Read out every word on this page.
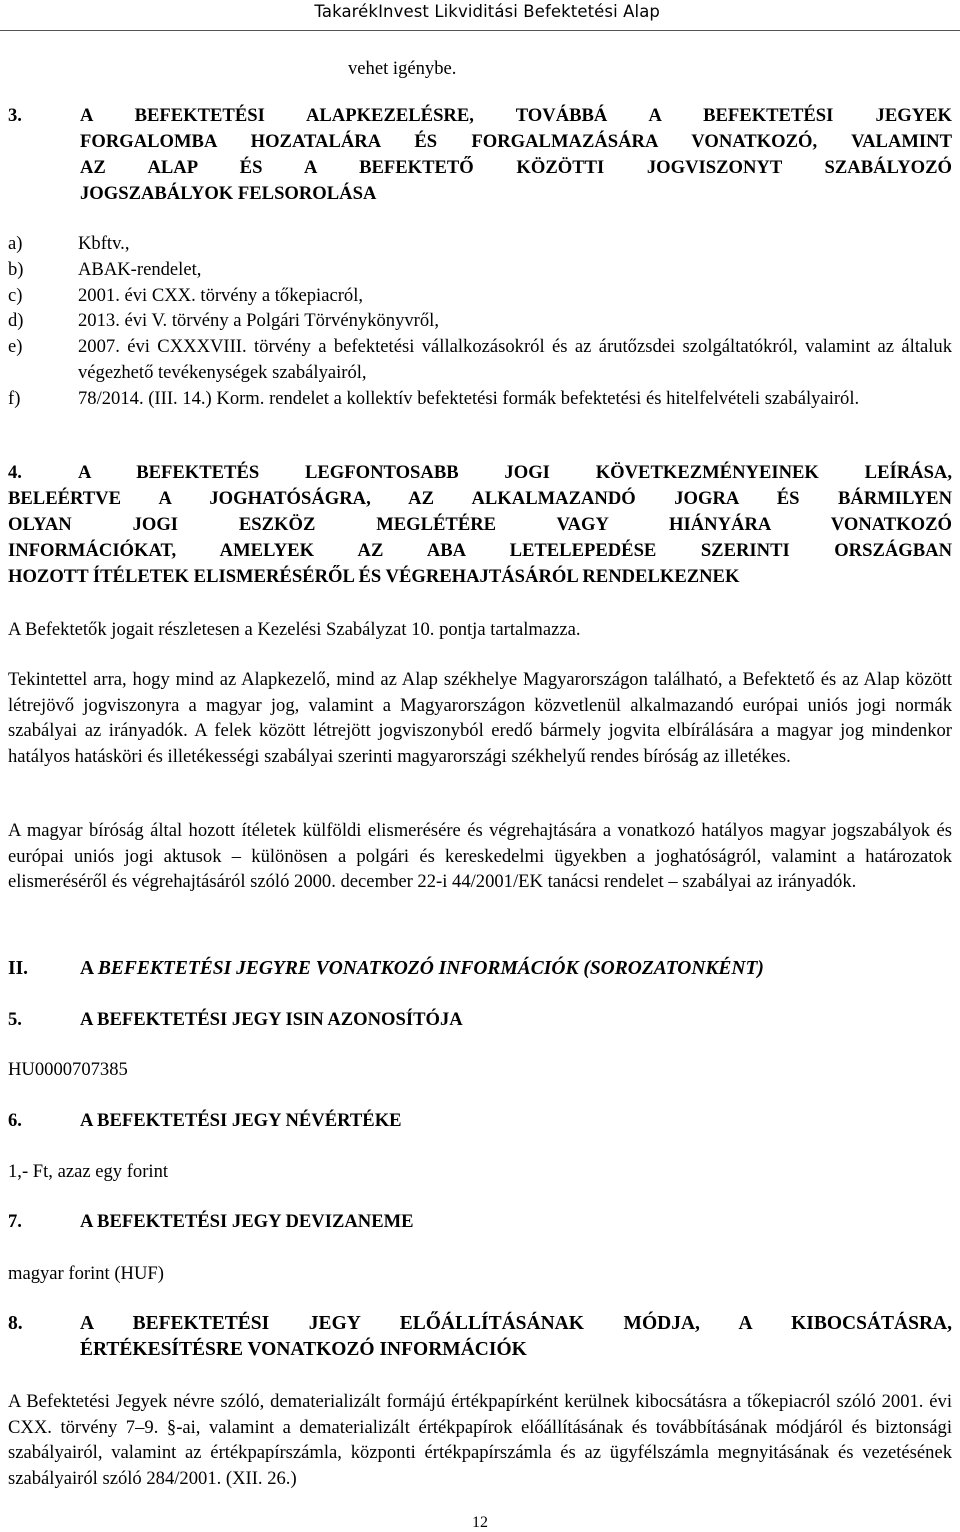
TakarékInvest Likviditási Befektetési Alap
vehet igénybe.
3.	A BEFEKTETÉSI ALAPKEZELÉSRE, TOVÁBBÁ A BEFEKTETÉSI JEGYEK
FORGALOMBA HOZATALÁRA ÉS FORGALMAZÁSÁRA VONATKOZÓ, VALAMINT
AZ ALAP ÉS A BEFEKTETŐ KÖZÖTTI JOGVISZONYT SZABÁLYOZÓ
JOGSZABÁLYOK FELSOROLÁSA
a)	Kbftv.,
b)	ABAK-rendelet,
c)	2001. évi CXX. törvény a tőkepiacról,
d)	2013. évi V. törvény a Polgári Törvénykönyvről,
e)	2007. évi CXXXVIII. törvény a befektetési vállalkozásokról és az árutőzsdei szolgáltatókról, valamint az általuk végezhető tevékenységek szabályairól,
f)	78/2014. (III. 14.) Korm. rendelet a kollektív befektetési formák befektetési és hitelfelvételi szabályairól.
4.	A BEFEKTETÉS LEGFONTOSABB JOGI KÖVETKEZMÉNYEINEK LEÍRÁSA,
BELEÉRTVE A JOGHATÓSÁGRA, AZ ALKALMAZANDÓ JOGRA ÉS BÁRMILYEN
OLYAN JOGI ESZKÖZ MEGLÉTÉRE VAGY HIÁNYÁRA VONATKOZÓ
INFORMÁCIÓKAT, AMELYEK AZ ABA LETELEPEDÉSE SZERINTI ORSZÁGBAN
HOZOTT ÍTÉLETEK ELISMERÉSÉRŐL ÉS VÉGREHAJTÁSÁRÓL RENDELKEZNEK
A Befektetők jogait részletesen a Kezelési Szabályzat 10. pontja tartalmazza.
Tekintettel arra, hogy mind az Alapkezelő, mind az Alap székhelye Magyarországon található, a Befektető és az Alap között létrejövő jogviszonyra a magyar jog, valamint a Magyarországon közvetlenül alkalmazandó európai uniós jogi normák szabályai az irányadók. A felek között létrejött jogviszonyból eredő bármely jogvita elbírálására a magyar jog mindenkor hatályos hatásköri és illetékességi szabályai szerinti magyarországi székhelyű rendes bíróság az illetékes.
A magyar bíróság által hozott ítéletek külföldi elismerésére és végrehajtására a vonatkozó hatályos magyar jogszabályok és európai uniós jogi aktusok – különösen a polgári és kereskedelmi ügyekben a joghatóságról, valamint a határozatok elismeréséről és végrehajtásáról szóló 2000. december 22-i 44/2001/EK tanácsi rendelet – szabályai az irányadók.
II.	A BEFEKTETÉSI JEGYRE VONATKOZÓ INFORMÁCIÓK (SOROZATONKÉNT)
5.	A BEFEKTETÉSI JEGY ISIN AZONOSÍTÓJA
HU0000707385
6.	A BEFEKTETÉSI JEGY NÉVÉRTÉKE
1,- Ft, azaz egy forint
7.	A BEFEKTETÉSI JEGY DEVIZANEME
magyar forint (HUF)
8.	A BEFEKTETÉSI JEGY ELŐÁLLÍTÁSÁNAK MÓDJA, A KIBOCSÁTÁSRA,
ÉRTÉKESÍTÉSRE VONATKOZÓ INFORMÁCIÓK
A Befektetési Jegyek névre szóló, dematerializált formájú értékpapírként kerülnek kibocsátásra a tőkepiacról szóló 2001. évi CXX. törvény 7–9. §-ai, valamint a dematerializált értékpapírok előállításának és továbbításának módjáról és biztonsági szabályairól, valamint az értékpapírszámla, központi értékpapírszámla és az ügyfélszámla megnyitásának és vezetésének szabályairól szóló 284/2001. (XII. 26.)
12
